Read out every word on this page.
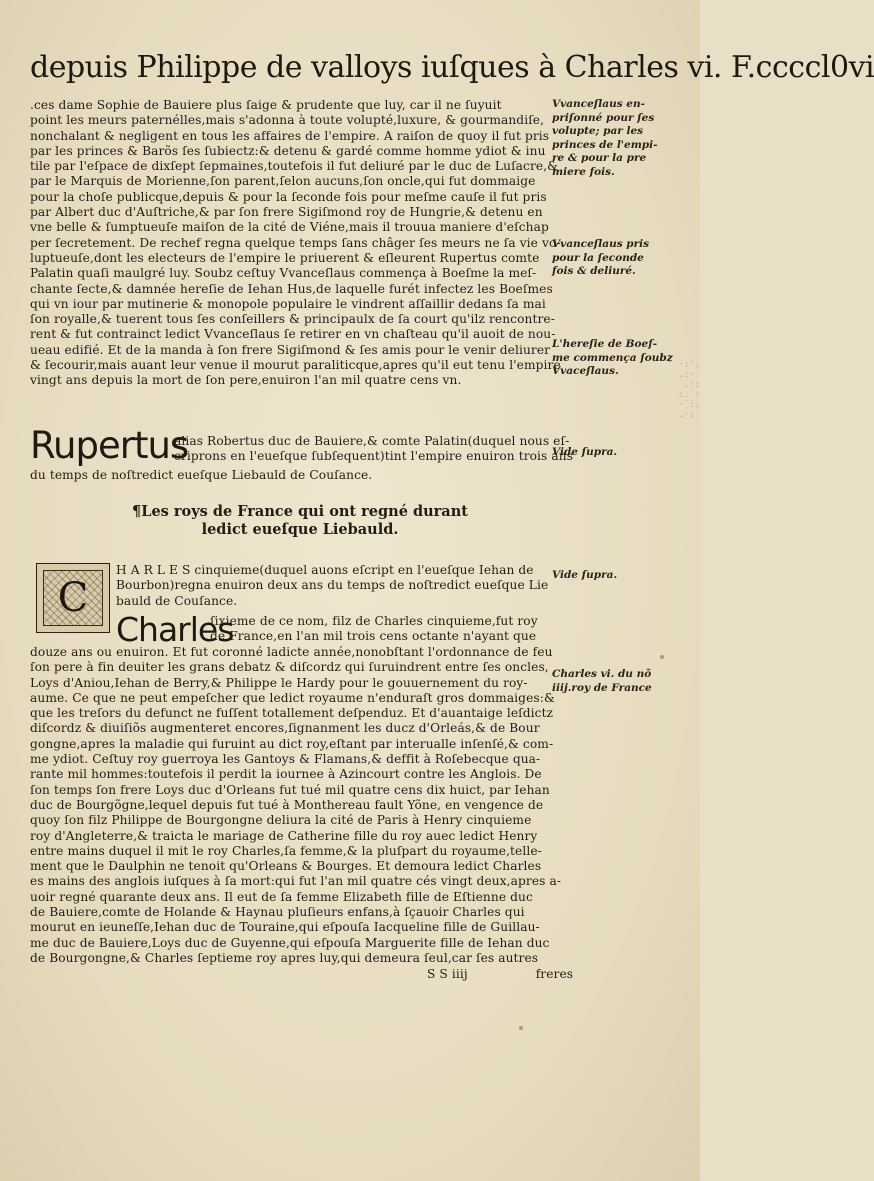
depuis Philippe de valloys iuſques à Charles vi. F.ccccl0vi
.ces dame Sophie de Bauiere plus ſaige & prudente que luy, car il ne ſuyuit
point les meurs paternélles,mais s'adonna à toute volupté,luxure, & gourmandiſe,
nonchalant & negligent en tous les affaires de l'empire. A raiſon de quoy il fut pris
par les princes & Barõs ſes ſubiectz:& detenu & gardé comme homme ydiot & inu
tile par l'eſpace de dixſept ſepmaines,toutefois il fut deliuré par le duc de Luſacre,&
par le Marquis de Morienne,ſon parent,ſelon aucuns,ſon oncle,qui fut dommaige
pour la choſe publicque,depuis & pour la ſeconde fois pour meſme cauſe il fut pris
par Albert duc d'Auſtriche,& par ſon frere Sigiſmond roy de Hungrie,& detenu en
vne belle & ſumptueuſe maiſon de la cité de Viéne,mais il trouua maniere d'eſchap
per ſecretement. De rechef regna quelque temps ſans châger ſes meurs ne ſa vie vo-
luptueuſe,dont les electeurs de l'empire le priuerent & eſleurent Rupertus comte
Palatin quaſi maulgré luy. Soubz ceſtuy Vvanceſlaus commença à Boeſme la meſ-
chante ſecte,& damnée hereſie de Iehan Hus,de laquelle furét infectez les Boeſmes
qui vn iour par mutinerie & monopole populaire le vindrent aſſaillir dedans ſa mai
ſon royalle,& tuerent tous ſes conſeillers & principaulx de ſa court qu'ilz rencontre-
rent & fut contrainct ledict Vvanceſlaus ſe retirer en vn chaſteau qu'il auoit de nou-
ueau edifié. Et de la manda à ſon frere Sigiſmond & ſes amis pour le venir deliurer
& ſecourir,mais auant leur venue il mourut paraliticque,apres qu'il eut tenu l'empire
vingt ans depuis la mort de ſon pere,enuiron l'an mil quatre cens vn.
Vvanceſlaus en-
priſonné pour ſes
volupte; par les
princes de l'empi-
re & pour la pre
miere fois.
Vvanceſlaus pris
pour la ſeconde
fois & deliuré.
L'hereſie de Boeſ-
me commença ſoubz
Vvaceſlaus.
Vide ſupra.
Vide ſupra.
Charles vi. du nõ
iiij.roy de France
Rupertus
alias Robertus duc de Bauiere,& comte Palatin(duquel nous eſ-
criprons en l'eueſque ſubſequent)tint l'empire enuiron trois ans
du temps de noſtredict eueſque Liebauld de Couſance.
¶Les roys de France qui ont regné durant
ledict eueſque Liebauld.
C
H A R L E S cinquieme(duquel auons eſcript en l'eueſque Iehan de
Bourbon)regna enuiron deux ans du temps de noſtredict eueſque Lie
bauld de Couſance.
Charles
ſixieme de ce nom, filz de Charles cinquieme,fut roy
de France,en l'an mil trois cens octante n'ayant que
douze ans ou enuiron. Et fut coronné ladicte année,nonobſtant l'ordonnance de feu
ſon pere à fin deuiter les grans debatz & diſcordz qui ſuruindrent entre ſes oncles,
Loys d'Aniou,Iehan de Berry,& Philippe le Hardy pour le gouuernement du roy-
aume. Ce que ne peut empeſcher que ledict royaume n'enduraſt gros dommaiges:&
que les treſors du defunct ne fuſſent totallement deſpenduz. Et d'auantaige leſdictz
diſcordz & diuiſiõs augmenteret encores,ſignanment les ducz d'Orleás,& de Bour
gongne,apres la maladie qui furuint au dict roy,eſtant par interualle inſenſé,& com-
me ydiot. Ceſtuy roy guerroya les Gantoys & Flamans,& deffit à Roſebecque qua-
rante mil hommes:toutefois il perdit la iournee à Azincourt contre les Anglois. De
ſon temps ſon frere Loys duc d'Orleans fut tué mil quatre cens dix huict, par Iehan
duc de Bourgõgne,lequel depuis fut tué à Monthereau fault Yõne, en vengence de
quoy ſon filz Philippe de Bourgongne deliura la cité de Paris à Henry cinquieme
roy d'Angleterre,& traicta le mariage de Catherine fille du roy auec ledict Henry
entre mains duquel il mit le roy Charles,ſa femme,& la pluſpart du royaume,telle-
ment que le Daulphin ne tenoit qu'Orleans & Bourges. Et demoura ledict Charles
es mains des anglois iuſques à ſa mort:qui fut l'an mil quatre cés vingt deux,apres a-
uoir regné quarante deux ans. Il eut de ſa femme Elizabeth fille de Eſtienne duc
de Bauiere,comte de Holande & Haynau pluſieurs enfans,à ſçauoir Charles qui
mourut en ieuneſſe,Iehan duc de Touraine,qui eſpouſa Iacqueline fille de Guillau-
me duc de Bauiere,Loys duc de Guyenne,qui eſpouſa Marguerite fille de Iehan duc
de Bourgongne,& Charles ſeptieme roy apres luy,qui demeura ſeul,car ſes autres
S S iiij	freres
·:˙.
.:·˙
˙.·:
:.˙·
·˙:.
.·:˙
